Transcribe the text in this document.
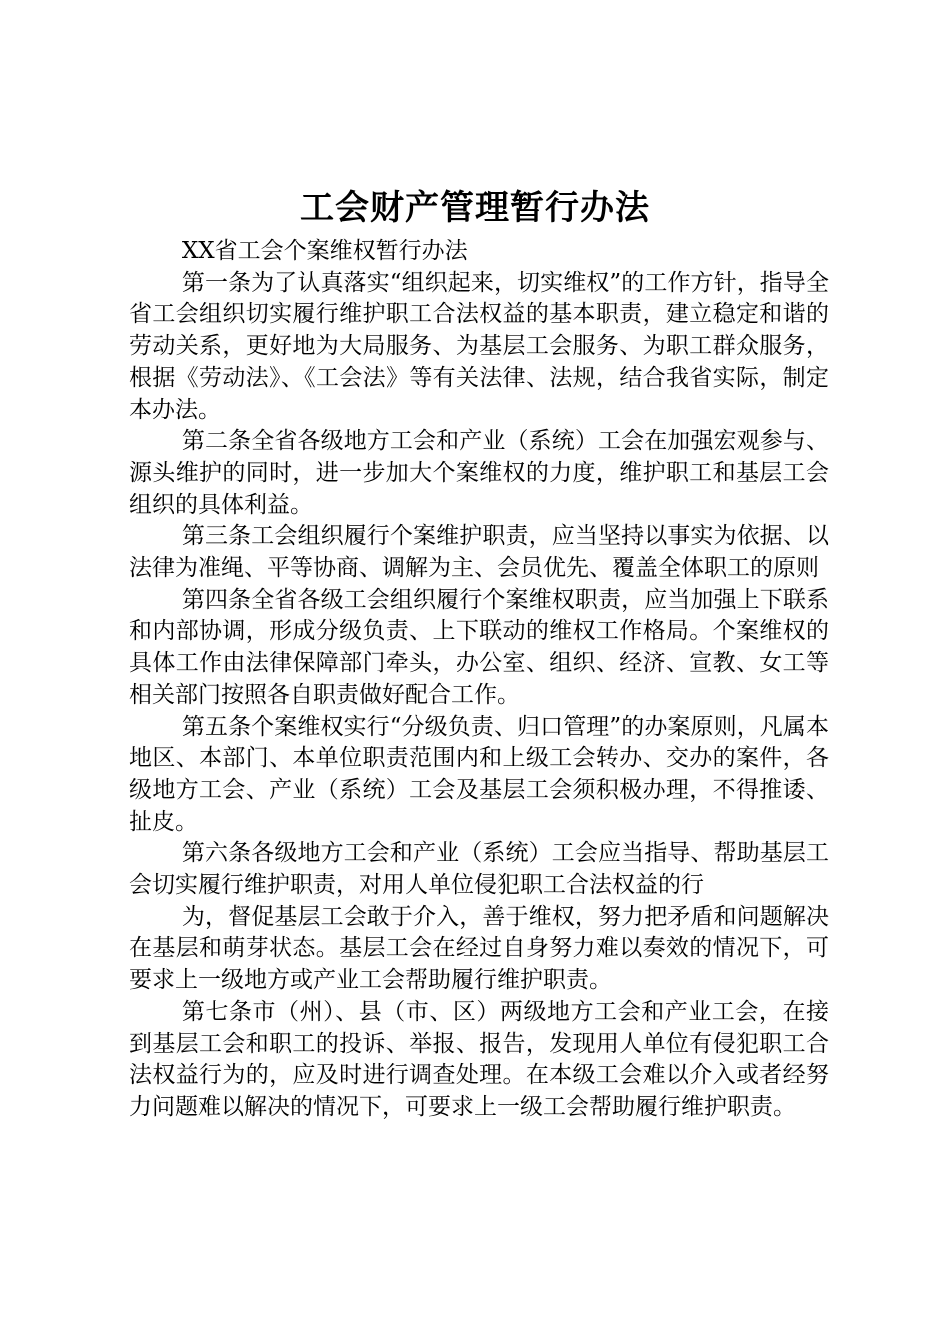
工会财产管理暂行办法

XX省工会个案维权暂行办法

第一条为了认真落实“组织起来，切实维权”的工作方针，指导全省工会组织切实履行维护职工合法权益的基本职责，建立稳定和谐的劳动关系，更好地为大局服务、为基层工会服务、为职工群众服务，根据《劳动法》、《工会法》等有关法律、法规，结合我省实际，制定本办法。

第二条全省各级地方工会和产业（系统）工会在加强宏观参与、源头维护的同时，进一步加大个案维权的力度，维护职工和基层工会组织的具体利益。

第三条工会组织履行个案维护职责，应当坚持以事实为依据、以法律为准绳、平等协商、调解为主、会员优先、覆盖全体职工的原则

第四条全省各级工会组织履行个案维权职责，应当加强上下联系和内部协调，形成分级负责、上下联动的维权工作格局。个案维权的具体工作由法律保障部门牵头，办公室、组织、经济、宣教、女工等相关部门按照各自职责做好配合工作。

第五条个案维权实行“分级负责、归口管理”的办案原则，凡属本地区、本部门、本单位职责范围内和上级工会转办、交办的案件，各级地方工会、产业（系统）工会及基层工会须积极办理，不得推诿、扯皮。

第六条各级地方工会和产业（系统）工会应当指导、帮助基层工会切实履行维护职责，对用人单位侵犯职工合法权益的行

为，督促基层工会敢于介入，善于维权，努力把矛盾和问题解决在基层和萌芽状态。基层工会在经过自身努力难以奏效的情况下，可要求上一级地方或产业工会帮助履行维护职责。

第七条市（州）、县（市、区）两级地方工会和产业工会，在接到基层工会和职工的投诉、举报、报告，发现用人单位有侵犯职工合法权益行为的，应及时进行调查处理。在本级工会难以介入或者经努力问题难以解决的情况下，可要求上一级工会帮助履行维护职责。
